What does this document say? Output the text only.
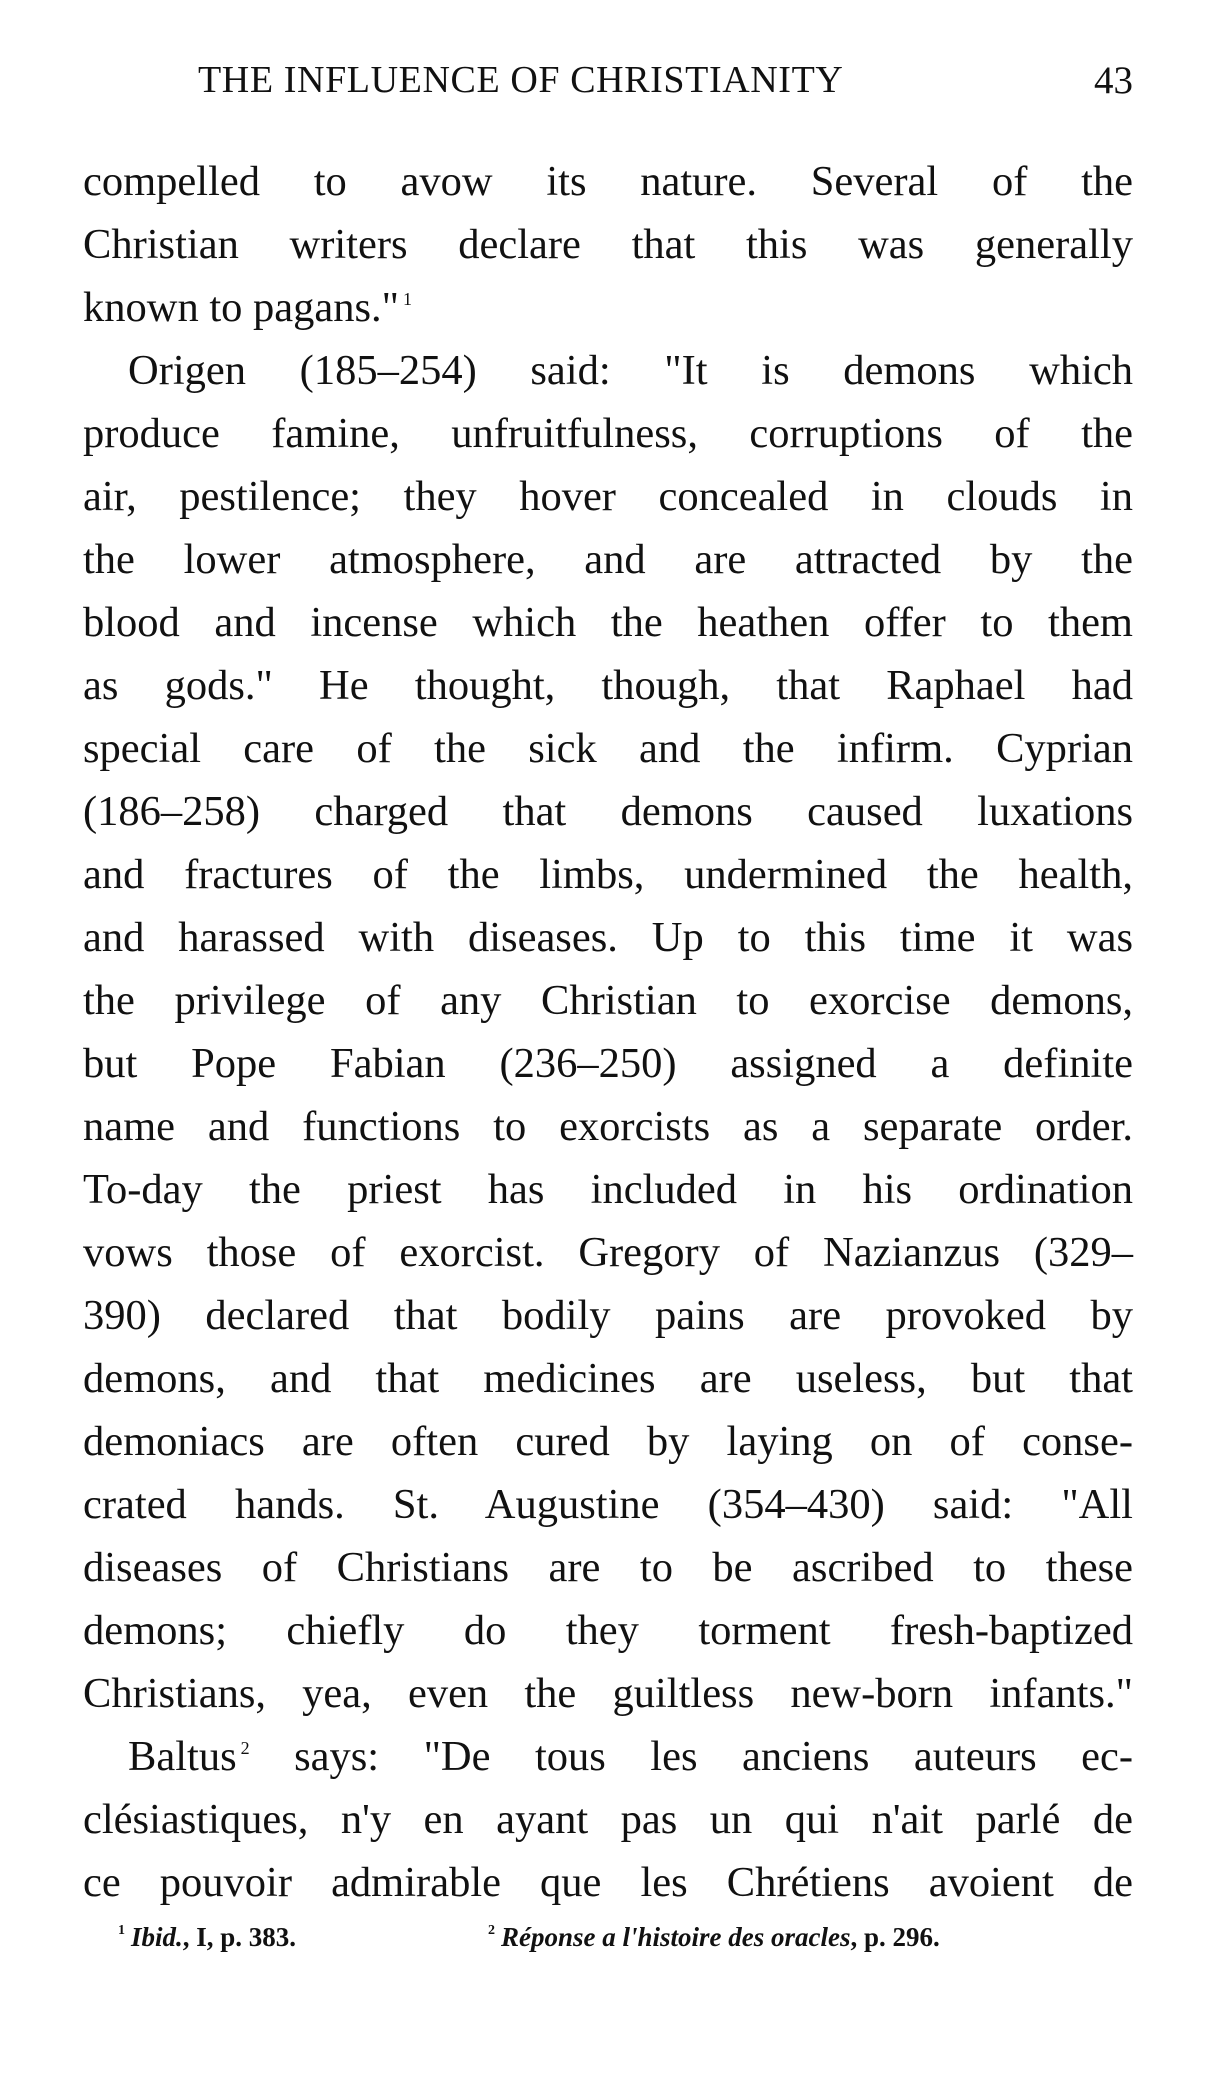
THE INFLUENCE OF CHRISTIANITY	43
compelled to avow its nature. Several of the
Christian writers declare that this was generally
known to pagans." $^1$
Origen (185–254) said: "It is demons which
produce famine, unfruitfulness, corruptions of the
air, pestilence; they hover concealed in clouds in
the lower atmosphere, and are attracted by the
blood and incense which the heathen offer to them
as gods." He thought, though, that Raphael had
special care of the sick and the infirm. Cyprian
(186–258) charged that demons caused luxations
and fractures of the limbs, undermined the health,
and harassed with diseases. Up to this time it was
the privilege of any Christian to exorcise demons,
but Pope Fabian (236–250) assigned a definite
name and functions to exorcists as a separate order.
To-day the priest has included in his ordination
vows those of exorcist. Gregory of Nazianzus (329–
390) declared that bodily pains are provoked by
demons, and that medicines are useless, but that
demoniacs are often cured by laying on of conse-
crated hands. St. Augustine (354–430) said: "All
diseases of Christians are to be ascribed to these
demons; chiefly do they torment fresh-baptized
Christians, yea, even the guiltless new-born infants."
Baltus $^2$ says: "De tous les anciens auteurs ec-
clésiastiques, n'y en ayant pas un qui n'ait parlé de
ce pouvoir admirable que les Chrétiens avoient de
$^1$ Ibid., I, p. 383.	$^2$ Réponse a l'histoire des oracles, p. 296.
